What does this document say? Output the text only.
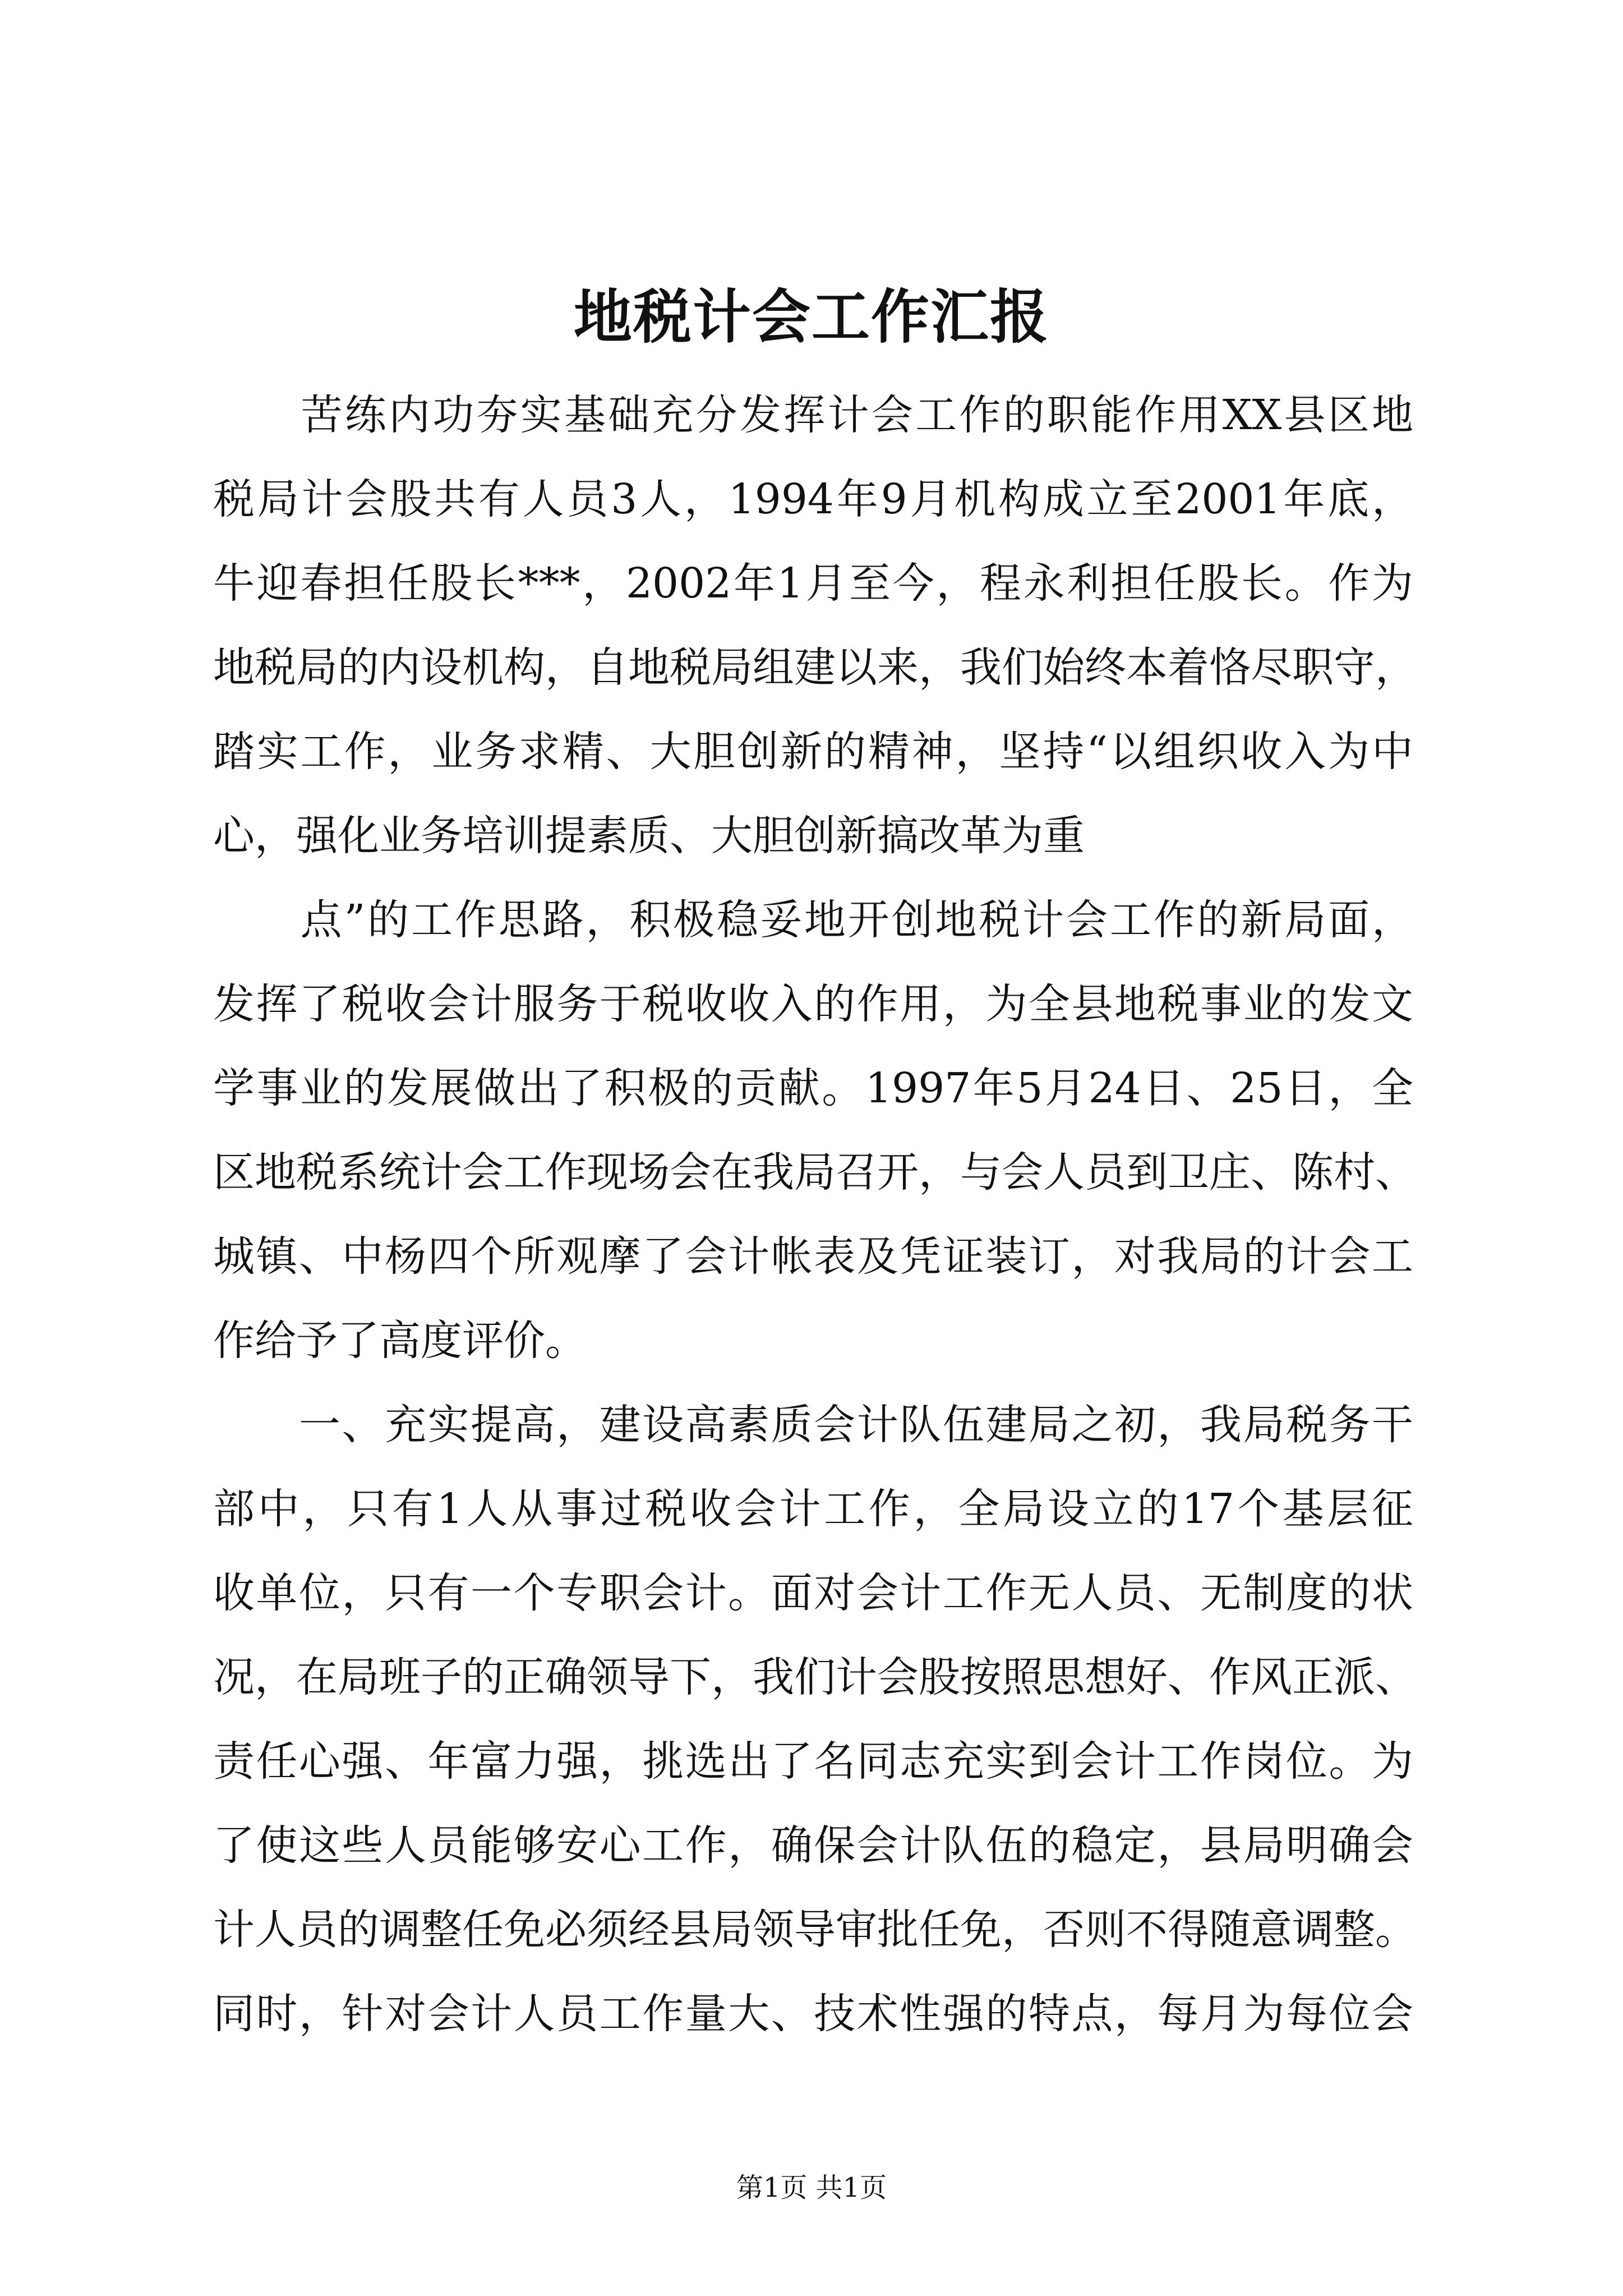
地税计会工作汇报
　　苦练内功夯实基础充分发挥计会工作的职能作用XX县区地
税局计会股共有人员3人，1994年9月机构成立至2001年底，
牛迎春担任股长***，2002年1月至今，程永利担任股长。作为
地税局的内设机构，自地税局组建以来，我们始终本着恪尽职守，
踏实工作，业务求精、大胆创新的精神，坚持“以组织收入为中
心，强化业务培训提素质、大胆创新搞改革为重
　　点”的工作思路，积极稳妥地开创地税计会工作的新局面，
发挥了税收会计服务于税收收入的作用，为全县地税事业的发文
学事业的发展做出了积极的贡献。1997年5月24日、25日，全
区地税系统计会工作现场会在我局召开，与会人员到卫庄、陈村、
城镇、中杨四个所观摩了会计帐表及凭证装订，对我局的计会工
作给予了高度评价。
　　一、充实提高，建设高素质会计队伍建局之初，我局税务干
部中，只有1人从事过税收会计工作，全局设立的17个基层征
收单位，只有一个专职会计。面对会计工作无人员、无制度的状
况，在局班子的正确领导下，我们计会股按照思想好、作风正派、
责任心强、年富力强，挑选出了名同志充实到会计工作岗位。为
了使这些人员能够安心工作，确保会计队伍的稳定，县局明确会
计人员的调整任免必须经县局领导审批任免，否则不得随意调整。
同时，针对会计人员工作量大、技术性强的特点，每月为每位会
第1页 共1页
